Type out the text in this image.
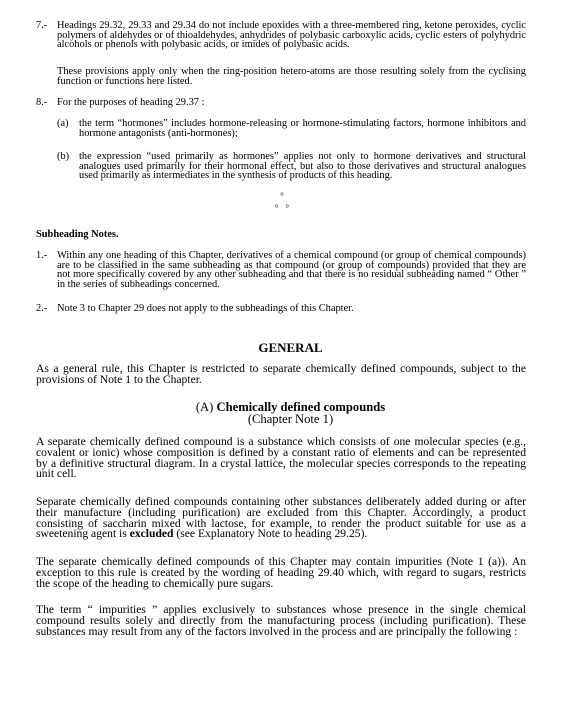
7.- Headings 29.32, 29.33 and 29.34 do not include epoxides with a three-membered ring, ketone peroxides, cyclic polymers of aldehydes or of thioaldehydes, anhydrides of polybasic carboxylic acids, cyclic esters of polyhydric alcohols or phenols with polybasic acids, or imides of polybasic acids.

These provisions apply only when the ring-position hetero-atoms are those resulting solely from the cyclising function or functions here listed.

8.- For the purposes of heading 29.37 :

(a) the term “hormones” includes hormone-releasing or hormone-stimulating factors, hormone inhibitors and hormone antagonists (anti-hormones);

(b) the expression “used primarily as hormones” applies not only to hormone derivatives and structural analogues used primarily for their hormonal effect, but also to those derivatives and structural analogues used primarily as intermediates in the synthesis of products of this heading.

°
°   °

Subheading Notes.

1.- Within any one heading of this Chapter, derivatives of a chemical compound (or group of chemical compounds) are to be classified in the same subheading as that compound (or group of compounds) provided that they are not more specifically covered by any other subheading and that there is no residual subheading named “ Other ” in the series of subheadings concerned.

2.- Note 3 to Chapter 29 does not apply to the subheadings of this Chapter.

GENERAL

As a general rule, this Chapter is restricted to separate chemically defined compounds, subject to the provisions of Note 1 to the Chapter.

(A) Chemically defined compounds

(Chapter Note 1)

A separate chemically defined compound is a substance which consists of one molecular species (e.g., covalent or ionic) whose composition is defined by a constant ratio of elements and can be represented by a definitive structural diagram. In a crystal lattice, the molecular species corresponds to the repeating unit cell.

Separate chemically defined compounds containing other substances deliberately added during or after their manufacture (including purification) are excluded from this Chapter. Accordingly, a product consisting of saccharin mixed with lactose, for example, to render the product suitable for use as a sweetening agent is excluded (see Explanatory Note to heading 29.25).

The separate chemically defined compounds of this Chapter may contain impurities (Note 1 (a)). An exception to this rule is created by the wording of heading 29.40 which, with regard to sugars, restricts the scope of the heading to chemically pure sugars.

The term “ impurities ” applies exclusively to substances whose presence in the single chemical compound results solely and directly from the manufacturing process (including purification). These substances may result from any of the factors involved in the process and are principally the following :
